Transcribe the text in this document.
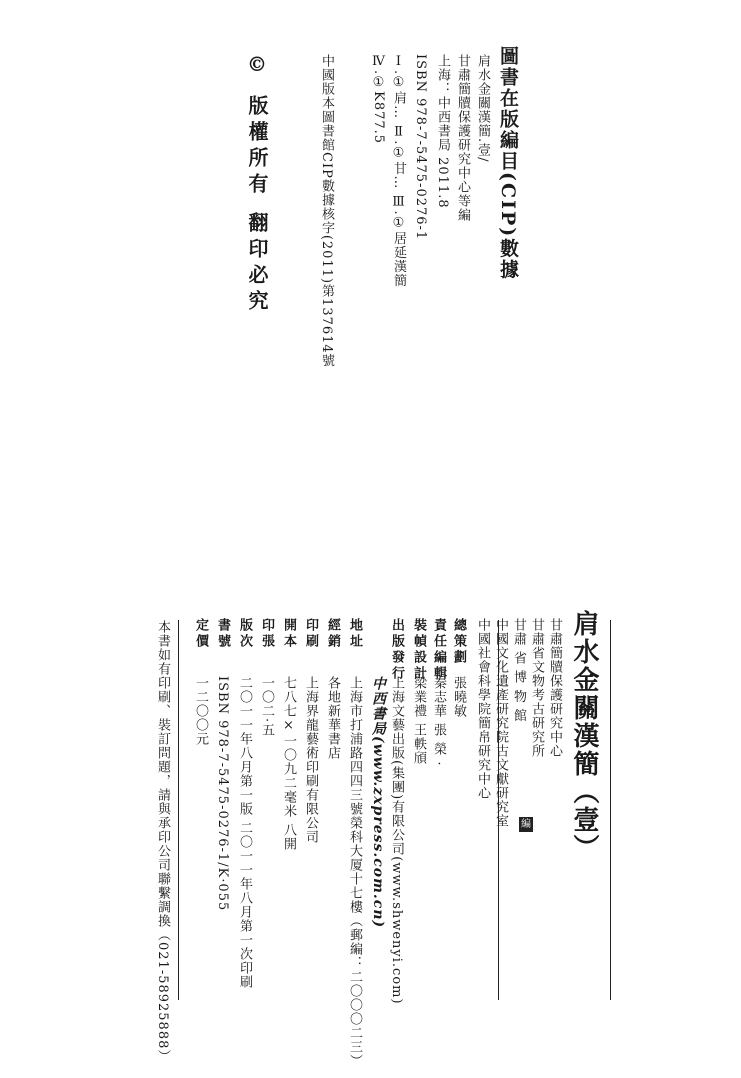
圖書在版編目(CIP)數據
肩水金關漢簡.壹/
甘肅簡牘保護研究中心等編
上海：中西書局 2011.8
ISBN 978-7-5475-0276-1
Ⅰ.①肩… Ⅱ.①甘… Ⅲ.①居延漢簡
Ⅳ.①K877.5
中國版本圖書館CIP數據核字(2011)第137614號
© 版權所有 翻印必究
肩水金關漢簡（壹）
甘肅簡牘保護研究中心
甘肅省文物考古研究所
甘肅 省 博 物 館
中國文化遺產研究院古文獻研究室
中國社會科學院簡帛研究中心
編
總策劃
張曉敏
責任編輯
秦志華 張 榮 ·
裝幀設計
梁業禮 王軼頎
出版發行
上海文藝出版(集團)有限公司(www.shwenyi.com)
中西書局(www.zxpress.com.cn)
地址
上海市打浦路四四三號榮科大厦十七樓（郵編：二〇〇〇二三）
經銷
各地新華書店
印刷
上海界龍藝術印刷有限公司
開本
七八七×一〇九二毫米 八開
印張
一〇二·五
版次
二〇一一年八月第一版 二〇一一年八月第一次印刷
書號
ISBN 978-7-5475-0276-1/K·055
定價
一二〇〇元
本書如有印刷、裝訂問題，請與承印公司聯繫調換（021-58925888）
